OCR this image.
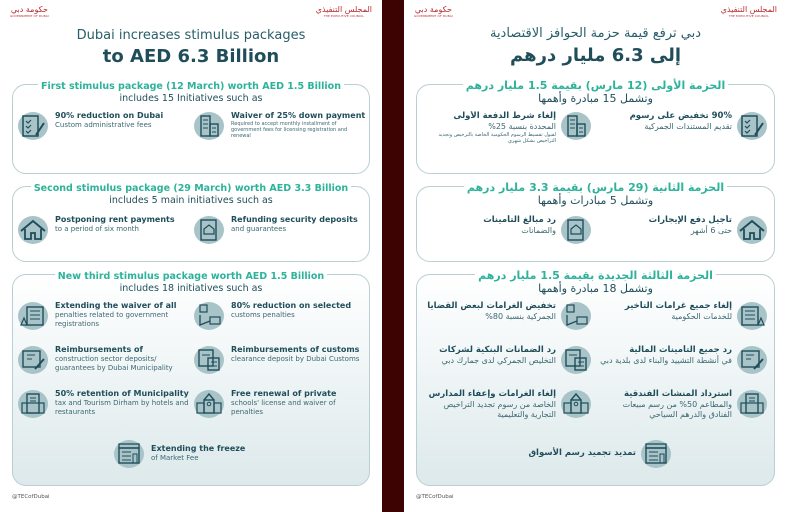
حكومة دبي
GOVERNMENT OF DUBAI
المجلس التنفيذي
THE EXECUTIVE COUNCIL
Dubai increases stimulus packages
to AED 6.3 Billion
First stimulus package (12 March) worth AED 1.5 Billion
includes 15 Initiatives such as
90% reduction on Dubai
Custom administrative fees
Waiver of 25% down payment
Required to accept monthly installment of government fees for licensing registration and renewal
Second stimulus package (29 March) worth AED 3.3 Billion
includes 5 main initiatives such as
Postponing rent payments
to a period of six month
Refunding security deposits
and guarantees
New third stimulus package worth AED 1.5 Billion
includes 18 initiatives such as
Extending the waiver of all
penalties related to government registrations
80% reduction on selected
customs penalties
Reimbursements of
construction sector deposits/ guarantees by Dubai Municipality
Reimbursements of customs
clearance deposit by Dubai Customs
50% retention of Municipality
tax and Tourism Dirham by hotels and restaurants
Free renewal of private
schools' license and waiver of penalties
Extending the freeze
of Market Fee
@TECofDubai
حكومة دبي
GOVERNMENT OF DUBAI
المجلس التنفيذي
THE EXECUTIVE COUNCIL
دبي ترفع قيمة حزمة الحوافز الاقتصادية
إلى 6.3 مليار درهم
الحزمة الأولى (12 مارس) بقيمة 1.5 مليار درهم
وتشمل 15 مبادرة وأهمها
90% تخفيض على رسوم
تقديم المستندات الجمركية
إلغاء شرط الدفعة الأولى
المحددة بنسبة 25%
لقبول تقسيط الرسوم الحكومية الخاصة بالترخيص وتجديد التراخيص بشكل شهري
الحزمة الثانية (29 مارس) بقيمة 3.3 مليار درهم
وتشمل 5 مبادرات وأهمها
تأجيل دفع الإيجارات
حتى 6 أشهر
رد مبالغ التأمينات
والضمانات
الحزمة الثالثة الجديدة بقيمة 1.5 مليار درهم
وتشمل 18 مبادرة وأهمها
إلغاء جميع غرامات التأخير
للخدمات الحكومية
تخفيض الغرامات لبعض القضايا
الجمركية بنسبة 80%
رد جميع التأمينات المالية
في أنشطة التشييد والبناء لدى بلدية دبي
رد الضمانات البنكية لشركات
التخليص الجمركي لدى جمارك دبي
استرداد المنشآت الفندقية
والمطاعم 50% من رسم مبيعات الفنادق والدرهم السياحي
إلغاء الغرامات وإعفاء المدارس
الخاصة من رسوم تجديد التراخيص التجارية والتعليمية
تمديد تجميد رسم الأسواق
@TECofDubai
